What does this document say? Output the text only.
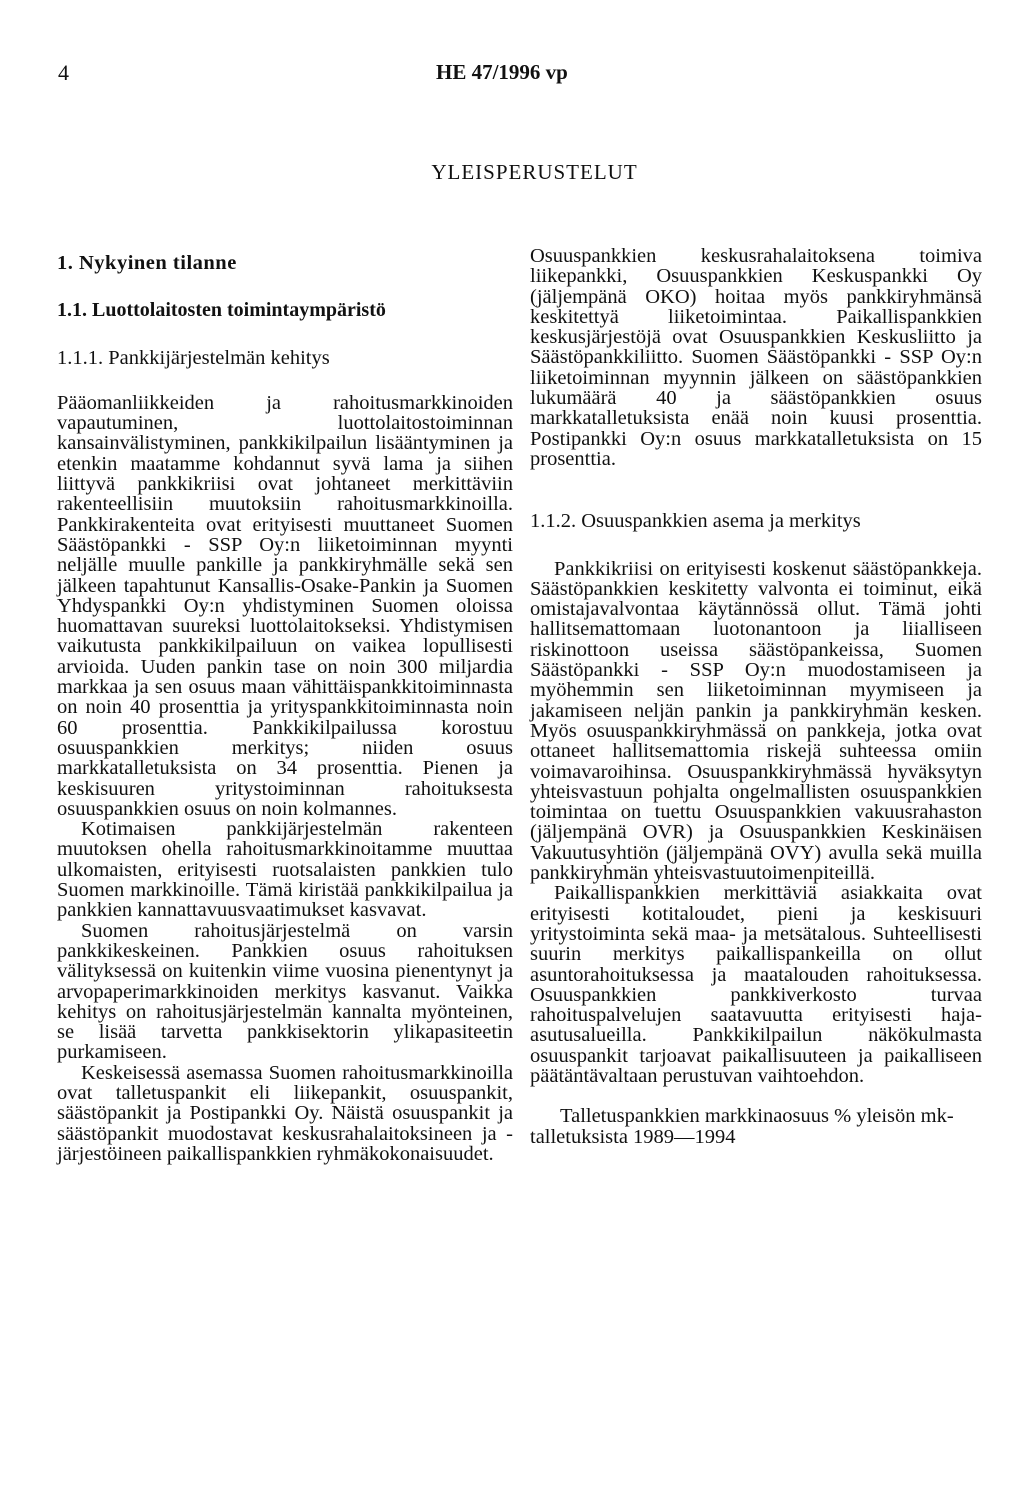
4	HE 47/1996 vp
YLEISPERUSTELUT
1. Nykyinen tilanne
1.1. Luottolaitosten toimintaympäristö
1.1.1. Pankkijärjestelmän kehitys

Pääomanliikkeiden ja rahoitusmarkkinoiden vapautuminen, luottolaitostoiminnan kansainvälistyminen, pankkikilpailun lisääntyminen ja etenkin maatamme kohdannut syvä lama ja siihen liittyvä pankkikriisi ovat johtaneet merkittäviin rakenteellisiin muutoksiin rahoitusmarkkinoilla. Pankkirakenteita ovat erityisesti muuttaneet Suomen Säästöpankki - SSP Oy:n liiketoiminnan myynti neljälle muulle pankille ja pankkiryhmälle sekä sen jälkeen tapahtunut Kansallis-Osake-Pankin ja Suomen Yhdyspankki Oy:n yhdistyminen Suomen oloissa huomattavan suureksi luottolaitokseksi. Yhdistymisen vaikutusta pankkikilpailuun on vaikea lopullisesti arvioida. Uuden pankin tase on noin 300 miljardia markkaa ja sen osuus maan vähittäispankkitoiminnasta on noin 40 prosenttia ja yrityspankkitoiminnasta noin 60 prosenttia. Pankkikilpailussa korostuu osuuspankkien merkitys; niiden osuus markkatalletuksista on 34 prosenttia. Pienen ja keskisuuren yritystoiminnan rahoituksesta osuuspankkien osuus on noin kolmannes.

Kotimaisen pankkijärjestelmän rakenteen muutoksen ohella rahoitusmarkkinoitamme muuttaa ulkomaisten, erityisesti ruotsalaisten pankkien tulo Suomen markkinoille. Tämä kiristää pankkikilpailua ja pankkien kannattavuusvaatimukset kasvavat.

Suomen rahoitusjärjestelmä on varsin pankkikeskeinen. Pankkien osuus rahoituksen välityksessä on kuitenkin viime vuosina pienentynyt ja arvopaperimarkkinoiden merkitys kasvanut. Vaikka kehitys on rahoitusjärjestelmän kannalta myönteinen, se lisää tarvetta pankkisektorin ylikapasiteetin purkamiseen.

Keskeisessä asemassa Suomen rahoitusmarkkinoilla ovat talletuspankit eli liikepankit, osuuspankit, säästöpankit ja Postipankki Oy. Näistä osuuspankit ja säästöpankit muodostavat keskusrahalaitoksineen ja -järjestöineen paikallispankkien ryhmäkokonaisuudet.

Osuuspankkien keskusrahalaitoksena toimiva liikepankki, Osuuspankkien Keskuspankki Oy (jäljempänä OKO) hoitaa myös pankkiryhmänsä keskitettyä liiketoimintaa. Paikallispankkien keskusjärjestöjä ovat Osuuspankkien Keskusliitto ja Säästöpankkiliitto. Suomen Säästöpankki - SSP Oy:n liiketoiminnan myynnin jälkeen on säästöpankkien lukumäärä 40 ja säästöpankkien osuus markkatalletuksista enää noin kuusi prosenttia. Postipankki Oy:n osuus markkatalletuksista on 15 prosenttia.

1.1.2. Osuuspankkien asema ja merkitys

Pankkikriisi on erityisesti koskenut säästöpankkeja. Säästöpankkien keskitetty valvonta ei toiminut, eikä omistajavalvontaa käytännössä ollut. Tämä johti hallitsemattomaan luotonantoon ja liialliseen riskinottoon useissa säästöpankeissa, Suomen Säästöpankki - SSP Oy:n muodostamiseen ja myöhemmin sen liiketoiminnan myymiseen ja jakamiseen neljän pankin ja pankkiryhmän kesken. Myös osuuspankkiryhmässä on pankkeja, jotka ovat ottaneet hallitsemattomia riskejä suhteessa omiin voimavaroihinsa. Osuuspankkiryhmässä hyväksytyn yhteisvastuun pohjalta ongelmallisten osuuspankkien toimintaa on tuettu Osuuspankkien vakuusrahaston (jäljempänä OVR) ja Osuuspankkien Keskinäisen Vakuutusyhtiön (jäljempänä OVY) avulla sekä muilla pankkiryhmän yhteisvastuutoimenpiteillä.

Paikallispankkien merkittäviä asiakkaita ovat erityisesti kotitaloudet, pieni ja keskisuuri yritystoiminta sekä maa- ja metsätalous. Suhteellisesti suurin merkitys paikallispankeilla on ollut asuntorahoituksessa ja maatalouden rahoituksessa. Osuuspankkien pankkiverkosto turvaa rahoituspalvelujen saatavuutta erityisesti haja-asutusalueilla. Pankkikilpailun näkökulmasta osuuspankit tarjoavat paikallisuuteen ja paikalliseen päätäntävaltaan perustuvan vaihtoehdon.

Talletuspankkien markkinaosuus % yleisön mk-talletuksista 1989—1994
